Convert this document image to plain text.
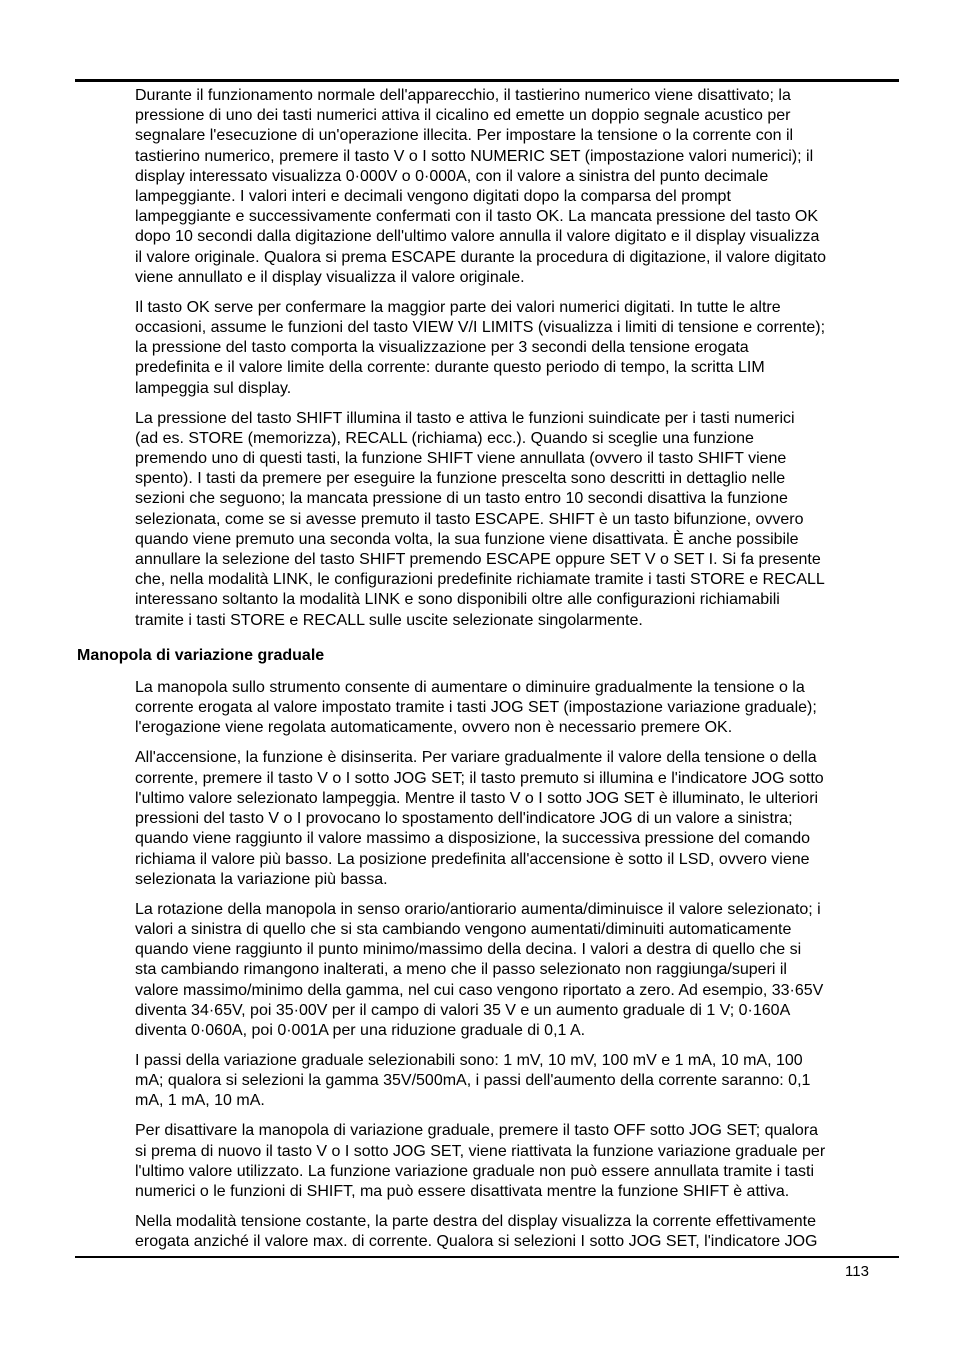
Durante il funzionamento normale dell'apparecchio, il tastierino numerico viene disattivato; la
pressione di uno dei tasti numerici attiva il cicalino ed emette un doppio segnale acustico per
segnalare l'esecuzione di un'operazione illecita. Per impostare la tensione o la corrente con il
tastierino numerico, premere il tasto V o I sotto NUMERIC SET (impostazione valori numerici); il
display interessato visualizza 0·000V o 0·000A, con il valore a sinistra del punto decimale
lampeggiante. I valori interi e decimali vengono digitati dopo la comparsa del prompt
lampeggiante e successivamente confermati con il tasto OK. La mancata pressione del tasto OK
dopo 10 secondi dalla digitazione dell'ultimo valore annulla il valore digitato e il display visualizza
il valore originale. Qualora si prema ESCAPE durante la procedura di digitazione, il valore digitato
viene annullato e il display visualizza il valore originale.
Il tasto OK serve per confermare la maggior parte dei valori numerici digitati. In tutte le altre
occasioni, assume le funzioni del tasto VIEW V/I LIMITS (visualizza i limiti di tensione e corrente);
la pressione del tasto comporta la visualizzazione per 3 secondi della tensione erogata
predefinita e il valore limite della corrente: durante questo periodo di tempo, la scritta LIM
lampeggia sul display.
La pressione del tasto SHIFT illumina il tasto e attiva le funzioni suindicate per i tasti numerici
(ad es. STORE (memorizza), RECALL (richiama) ecc.). Quando si sceglie una funzione
premendo uno di questi tasti, la funzione SHIFT viene annullata (ovvero il tasto SHIFT viene
spento). I tasti da premere per eseguire la funzione prescelta sono descritti in dettaglio nelle
sezioni che seguono; la mancata pressione di un tasto entro 10 secondi disattiva la funzione
selezionata, come se si avesse premuto il tasto ESCAPE. SHIFT è un tasto bifunzione, ovvero
quando viene premuto una seconda volta, la sua funzione viene disattivata. È anche possibile
annullare la selezione del tasto SHIFT premendo ESCAPE oppure SET V o SET I. Si fa presente
che, nella modalità LINK, le configurazioni predefinite richiamate tramite i tasti STORE e RECALL
interessano soltanto la modalità LINK e sono disponibili oltre alle configurazioni richiamabili
tramite i tasti STORE e RECALL sulle uscite selezionate singolarmente.
Manopola di variazione graduale
La manopola sullo strumento consente di aumentare o diminuire gradualmente la tensione o la
corrente erogata al valore impostato tramite i tasti JOG SET (impostazione variazione graduale);
l'erogazione viene regolata automaticamente, ovvero non è necessario premere OK.
All'accensione, la funzione è disinserita. Per variare gradualmente il valore della tensione o della
corrente, premere il tasto V o I sotto JOG SET; il tasto premuto si illumina e l'indicatore JOG sotto
l'ultimo valore selezionato lampeggia. Mentre il tasto V o I sotto JOG SET è illuminato, le ulteriori
pressioni del tasto V o I provocano lo spostamento dell'indicatore JOG di un valore a sinistra;
quando viene raggiunto il valore massimo a disposizione, la successiva pressione del comando
richiama il valore più basso. La posizione predefinita all'accensione è sotto il LSD, ovvero viene
selezionata la variazione più bassa.
La rotazione della manopola in senso orario/antiorario aumenta/diminuisce il valore selezionato; i
valori a sinistra di quello che si sta cambiando vengono aumentati/diminuiti automaticamente
quando viene raggiunto il punto minimo/massimo della decina. I valori a destra di quello che si
sta cambiando rimangono inalterati, a meno che il passo selezionato non raggiunga/superi il
valore massimo/minimo della gamma, nel cui caso vengono riportato a zero. Ad esempio, 33·65V
diventa 34·65V, poi 35·00V per il campo di valori 35 V e un aumento graduale di 1 V; 0·160A
diventa 0·060A, poi 0·001A per una riduzione graduale di 0,1 A.
I passi della variazione graduale selezionabili sono: 1 mV, 10 mV, 100 mV e 1 mA, 10 mA, 100
mA; qualora si selezioni la gamma 35V/500mA, i passi dell'aumento della corrente saranno: 0,1
mA, 1 mA, 10 mA.
Per disattivare la manopola di variazione graduale, premere il tasto OFF sotto JOG SET; qualora
si prema di nuovo il tasto V o I sotto JOG SET, viene riattivata la funzione variazione graduale per
l'ultimo valore utilizzato. La funzione variazione graduale non può essere annullata tramite i tasti
numerici o le funzioni di SHIFT, ma può essere disattivata mentre la funzione SHIFT è attiva.
Nella modalità tensione costante, la parte destra del display visualizza la corrente effettivamente
erogata anziché il valore max. di corrente. Qualora si selezioni I sotto JOG SET, l'indicatore JOG
113
